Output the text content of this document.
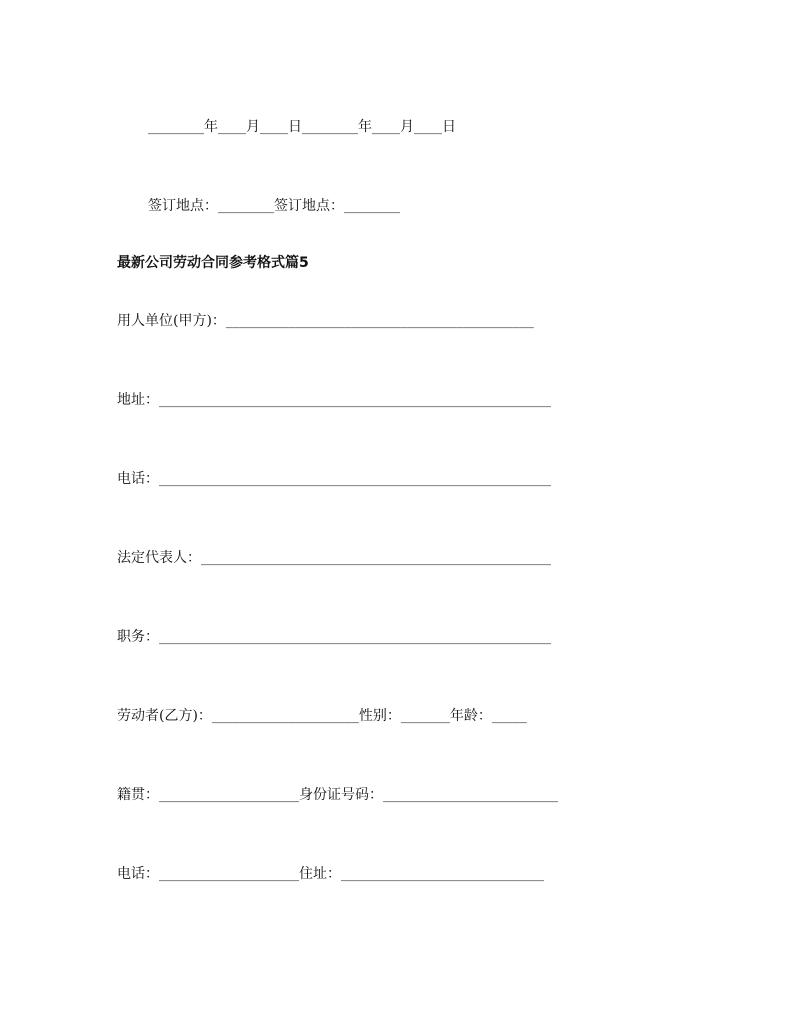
________年____月____日________年____月____日
签订地点：________签订地点：________
最新公司劳动合同参考格式篇5
用人单位(甲方)：____________________________________________
地址：________________________________________________________
电话：________________________________________________________
法定代表人：__________________________________________________
职务：________________________________________________________
劳动者(乙方)：_____________________性别：_______年龄：_____
籍贯：____________________身份证号码：_________________________
电话：____________________住址：_____________________________
